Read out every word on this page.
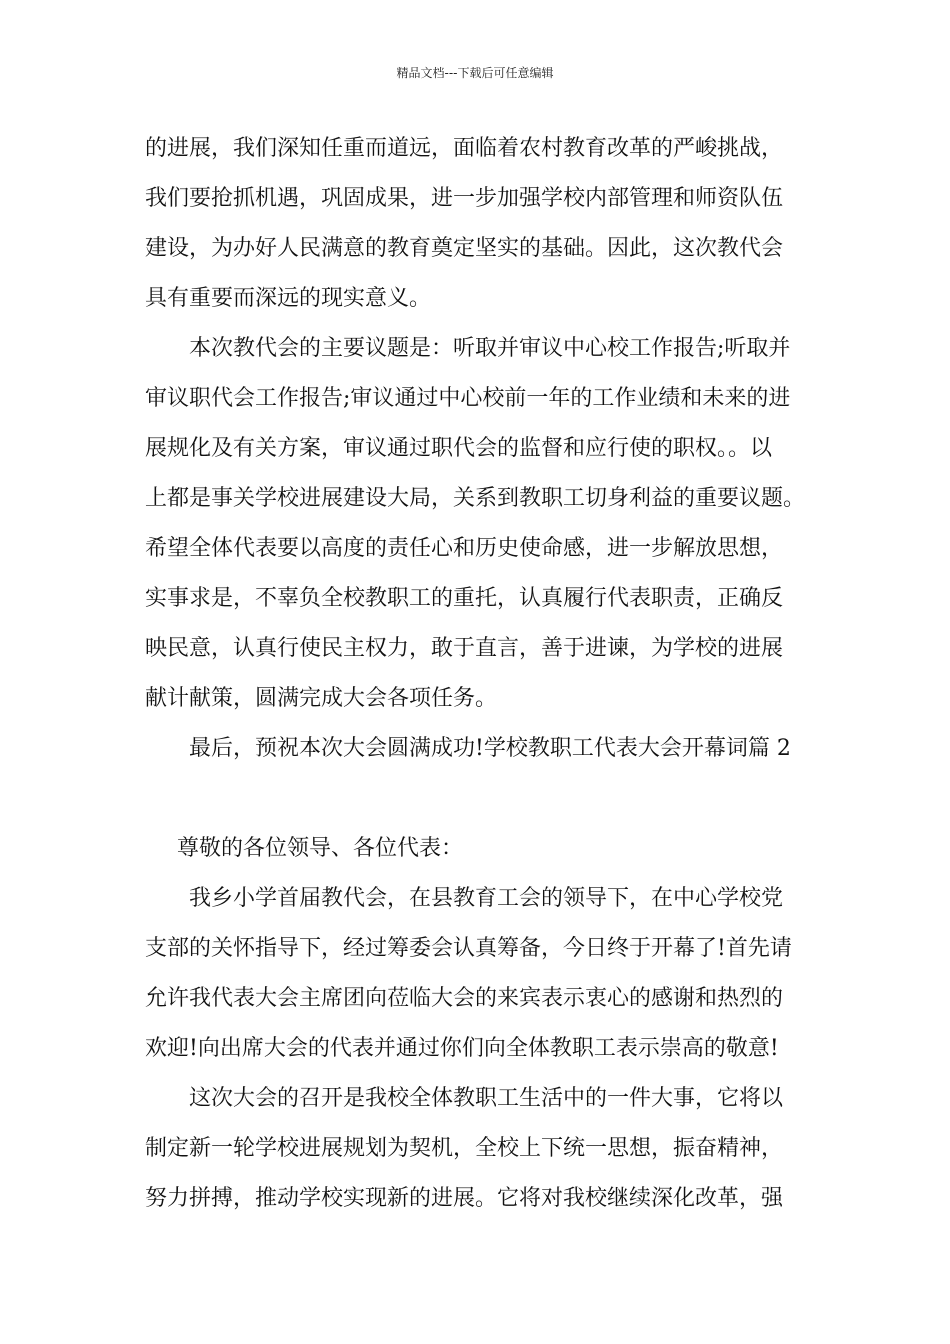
精品文档---下载后可任意编辑
的进展，我们深知任重而道远，面临着农村教育改革的严峻挑战，
我们要抢抓机遇，巩固成果，进一步加强学校内部管理和师资队伍
建设，为办好人民满意的教育奠定坚实的基础。因此，这次教代会
具有重要而深远的现实意义。
本次教代会的主要议题是：听取并审议中心校工作报告;听取并
审议职代会工作报告;审议通过中心校前一年的工作业绩和未来的进
展规化及有关方案，审议通过职代会的监督和应行使的职权。。以
上都是事关学校进展建设大局，关系到教职工切身利益的重要议题。
希望全体代表要以高度的责任心和历史使命感，进一步解放思想，
实事求是，不辜负全校教职工的重托，认真履行代表职责，正确反
映民意，认真行使民主权力，敢于直言，善于进谏，为学校的进展
献计献策，圆满完成大会各项任务。
最后，预祝本次大会圆满成功!学校教职工代表大会开幕词篇 2
尊敬的各位领导、各位代表：
我乡小学首届教代会，在县教育工会的领导下，在中心学校党
支部的关怀指导下，经过筹委会认真筹备，今日终于开幕了!首先请
允许我代表大会主席团向莅临大会的来宾表示衷心的感谢和热烈的
欢迎!向出席大会的代表并通过你们向全体教职工表示崇高的敬意!
这次大会的召开是我校全体教职工生活中的一件大事，它将以
制定新一轮学校进展规划为契机，全校上下统一思想，振奋精神，
努力拼搏，推动学校实现新的进展。它将对我校继续深化改革，强
